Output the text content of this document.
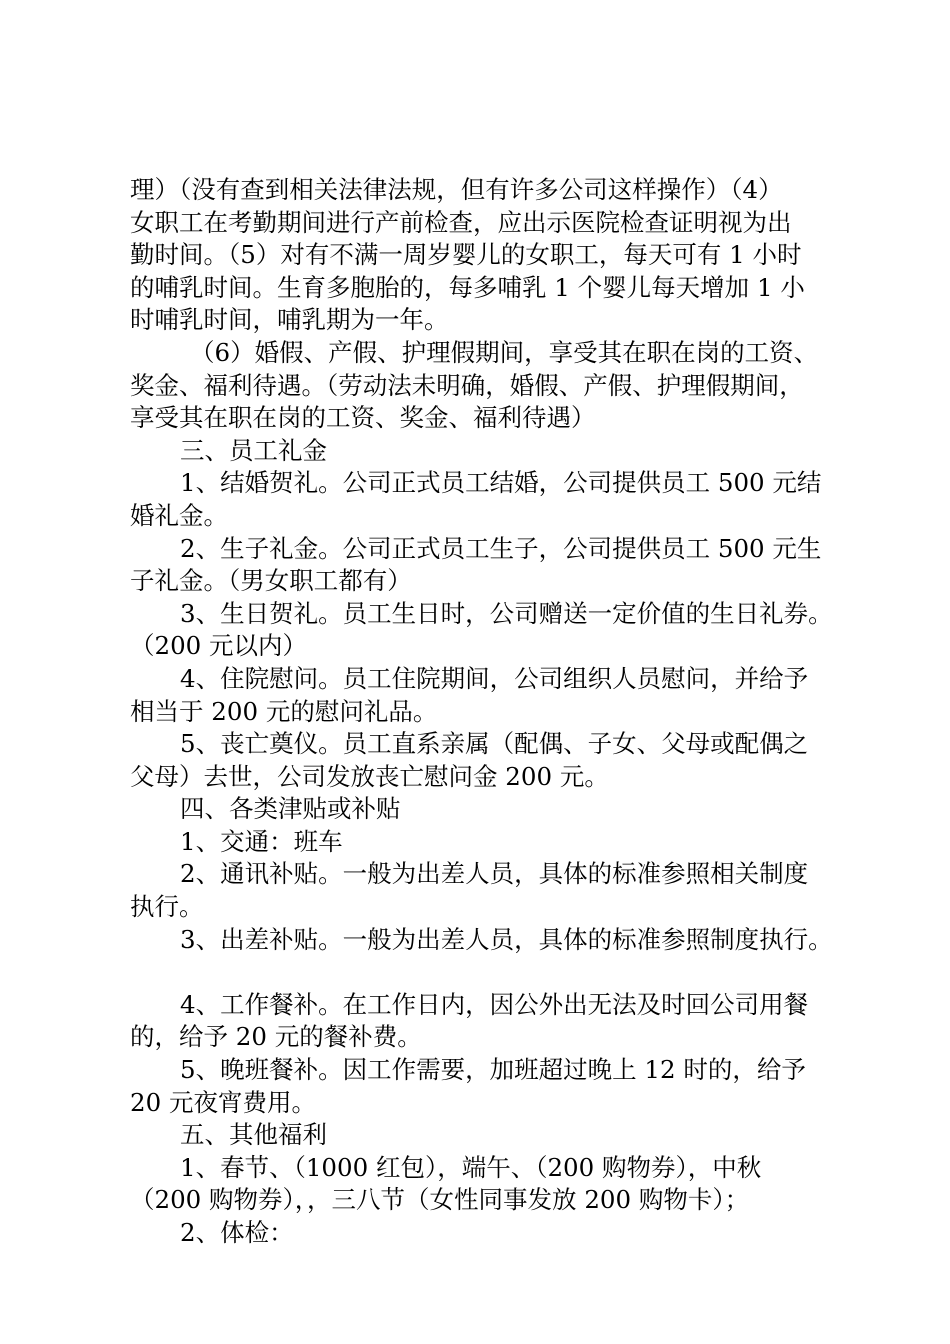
理）（没有查到相关法律法规，但有许多公司这样操作）（4）
女职工在考勤期间进行产前检查，应出示医院检查证明视为出
勤时间。（5）对有不满一周岁婴儿的女职工，每天可有 1 小时
的哺乳时间。生育多胞胎的，每多哺乳 1 个婴儿每天增加 1 小
时哺乳时间，哺乳期为一年。
（6）婚假、产假、护理假期间，享受其在职在岗的工资、
奖金、福利待遇。（劳动法未明确，婚假、产假、护理假期间，
享受其在职在岗的工资、奖金、福利待遇）
三、员工礼金
1、结婚贺礼。公司正式员工结婚，公司提供员工 500 元结
婚礼金。
2、生子礼金。公司正式员工生子，公司提供员工 500 元生
子礼金。（男女职工都有）
3、生日贺礼。员工生日时，公司赠送一定价值的生日礼券。
（200 元以内）
4、住院慰问。员工住院期间，公司组织人员慰问，并给予
相当于 200 元的慰问礼品。
5、丧亡奠仪。员工直系亲属（配偶、子女、父母或配偶之
父母）去世，公司发放丧亡慰问金 200 元。
四、各类津贴或补贴
1、交通：班车
2、通讯补贴。一般为出差人员，具体的标准参照相关制度
执行。
3、出差补贴。一般为出差人员，具体的标准参照制度执行。
4、工作餐补。在工作日内，因公外出无法及时回公司用餐
的，给予 20 元的餐补费。
5、晚班餐补。因工作需要，加班超过晚上 12 时的，给予
20 元夜宵费用。
五、其他福利
1、春节、（1000 红包），端午、（200 购物券），中秋
（200 购物券），，三八节（女性同事发放 200 购物卡）；
2、体检：
